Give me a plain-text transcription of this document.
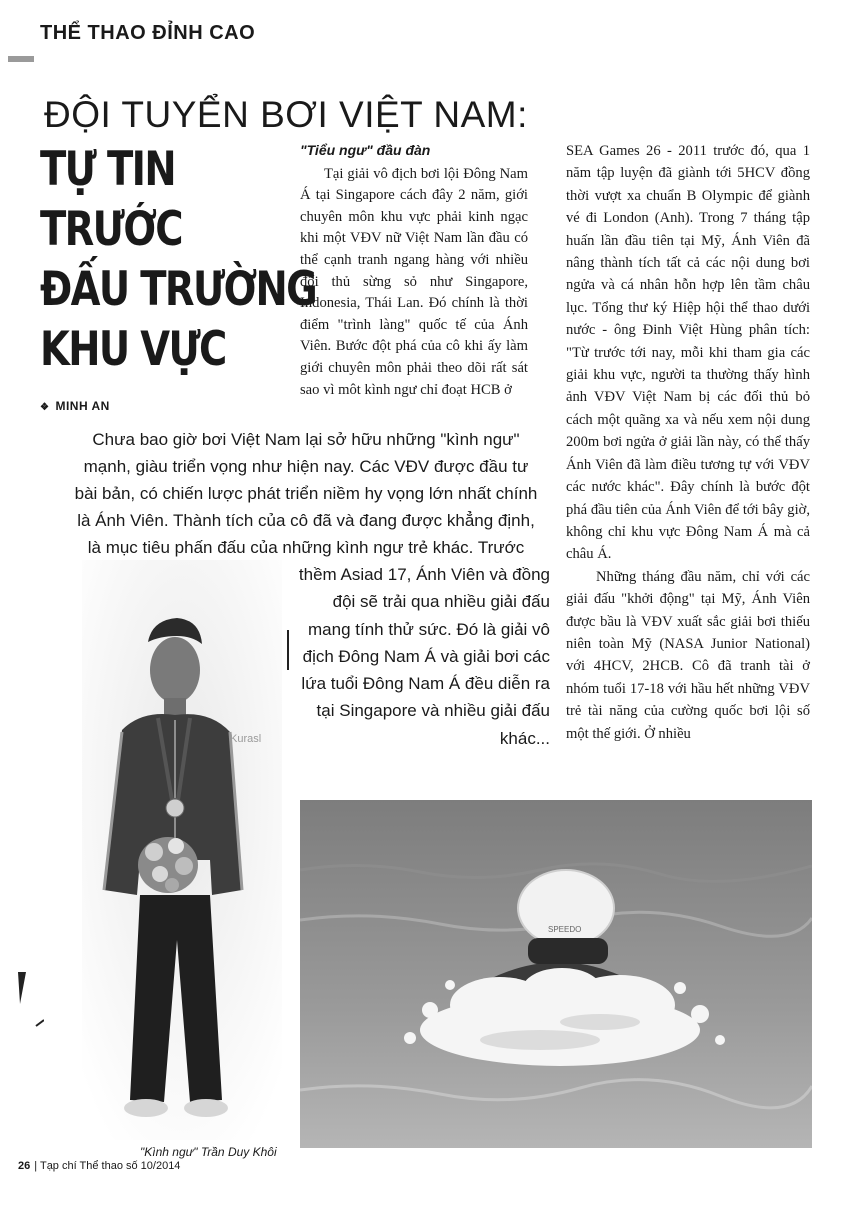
THỂ THAO ĐỈNH CAO
ĐỘI TUYỂN BƠI VIỆT NAM:
TỰ TIN
TRƯỚC
ĐẤU TRƯỜNG
KHU VỰC
❖ MINH AN
"Tiểu ngư" đầu đàn

Tại giải vô địch bơi lội Đông Nam Á tại Singapore cách đây 2 năm, giới chuyên môn khu vực phải kinh ngạc khi một VĐV nữ Việt Nam lần đầu có thể cạnh tranh ngang hàng với nhiều đối thủ sừng sỏ như Singapore, Indonesia, Thái Lan. Đó chính là thời điểm "trình làng" quốc tế của Ánh Viên. Bước đột phá của cô khi ấy làm giới chuyên môn phải theo dõi rất sát sao vì môt kình ngư chỉ đoạt HCB ở

SEA Games 26 - 2011 trước đó, qua 1 năm tập luyện đã giành tới 5HCV đồng thời vượt xa chuẩn B Olympic để giành vé đi London (Anh). Trong 7 tháng tập huấn lần đầu tiên tại Mỹ, Ánh Viên đã nâng thành tích tất cả các nội dung bơi ngửa và cá nhân hỗn hợp lên tầm châu lục. Tổng thư ký Hiệp hội thể thao dưới nước - ông Đinh Việt Hùng phân tích: "Từ trước tới nay, mỗi khi tham gia các giải khu vực, người ta thường thấy hình ảnh VĐV Việt Nam bị các đối thủ bỏ cách một quãng xa và nếu xem nội dung 200m bơi ngửa ở giải lần này, có thể thấy Ánh Viên đã làm điều tương tự với VĐV các nước khác". Đây chính là bước đột phá đầu tiên của Ánh Viên để tới bây giờ, không chỉ khu vực Đông Nam Á mà cả châu Á.

Những tháng đầu năm, chỉ với các giải đấu "khởi động" tại Mỹ, Ánh Viên được bầu là VĐV xuất sắc giải bơi thiếu niên toàn Mỹ (NASA Junior National) với 4HCV, 2HCB. Cô đã tranh tài ở nhóm tuổi 17-18 với hầu hết những VĐV trẻ tài năng của cường quốc bơi lội số một thế giới. Ở nhiều

Chưa bao giờ bơi Việt Nam lại sở hữu những "kình ngư" mạnh, giàu triển vọng như hiện nay. Các VĐV được đầu tư bài bản, có chiến lược phát triển niềm hy vọng lớn nhất chính là Ánh Viên. Thành tích của cô đã và đang được khẳng định, là mục tiêu phấn đấu của những kình ngư trẻ khác. Trước
Kurasl
thềm Asiad 17, Ánh Viên và đồng đội sẽ trải qua nhiều giải đấu mang tính thử sức. Đó là giải vô địch Đông Nam Á và giải bơi các lứa tuổi Đông Nam Á đều diễn ra tại Singapore và nhiều giải đấu khác...
SPEEDO
"Kình ngư" Trần Duy Khôi
26 | Tạp chí Thể thao số 10/2014
